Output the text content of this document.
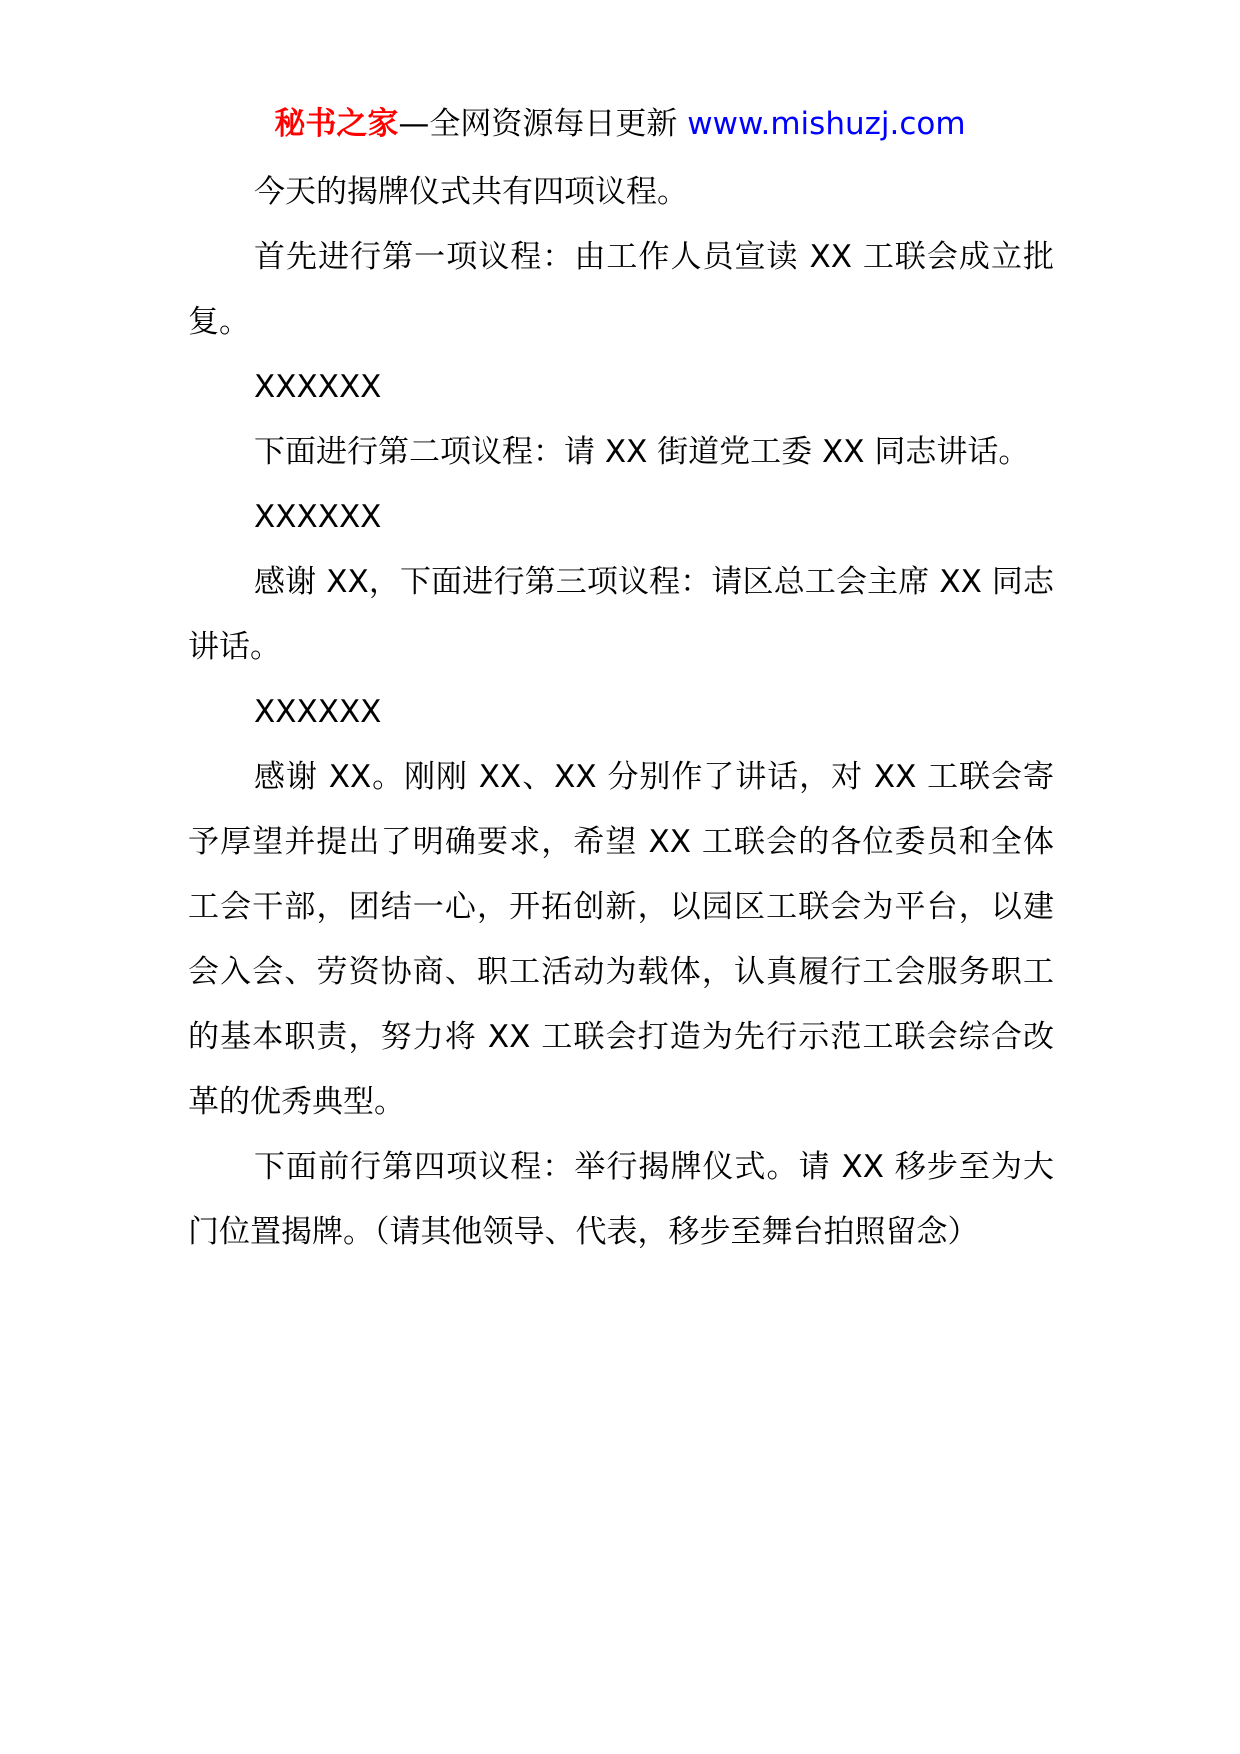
秘书之家—全网资源每日更新 www.mishuzj.com

今天的揭牌仪式共有四项议程。

首先进行第一项议程：由工作人员宣读 XX 工联会成立批复。

XXXXXX

下面进行第二项议程：请 XX 街道党工委 XX 同志讲话。

XXXXXX

感谢 XX，下面进行第三项议程：请区总工会主席 XX 同志讲话。

XXXXXX

感谢 XX。刚刚 XX、XX 分别作了讲话，对 XX 工联会寄予厚望并提出了明确要求，希望 XX 工联会的各位委员和全体工会干部，团结一心，开拓创新，以园区工联会为平台，以建会入会、劳资协商、职工活动为载体，认真履行工会服务职工的基本职责，努力将 XX 工联会打造为先行示范工联会综合改革的优秀典型。

下面前行第四项议程：举行揭牌仪式。请 XX 移步至为大门位置揭牌。（请其他领导、代表，移步至舞台拍照留念）
